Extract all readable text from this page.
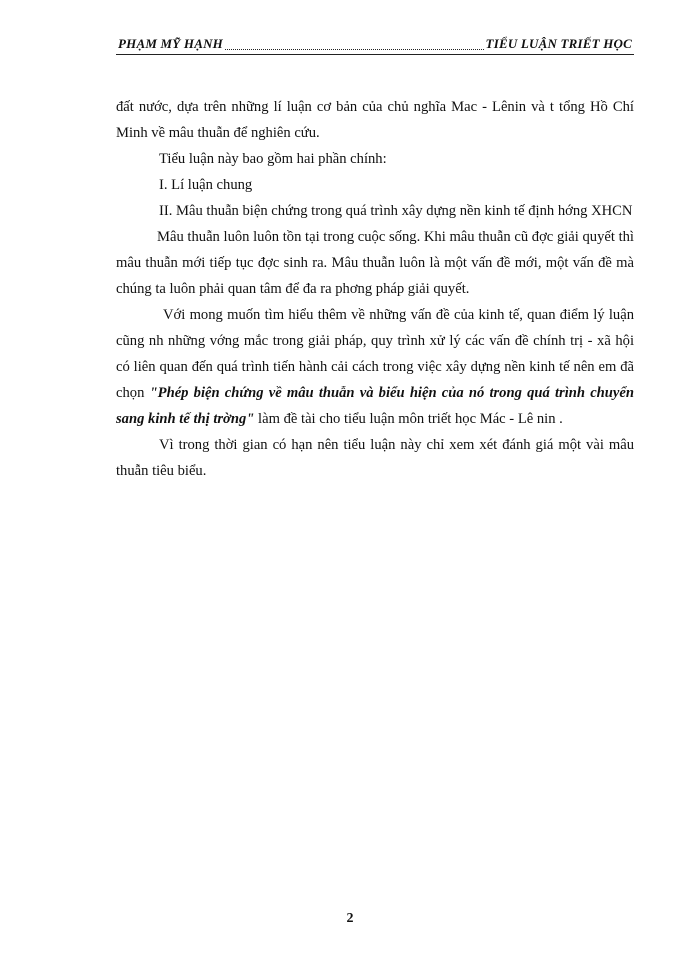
PHẠM MỸ HẠNH	TIỂU LUẬN TRIẾT HỌC

đất nước, dựa trên những lí luận cơ bản của chủ nghĩa Mac - Lênin và t tổng Hồ Chí Minh về mâu thuẫn để nghiên cứu.

Tiểu luận này bao gồm hai phần chính:

I. Lí luận chung

II. Mâu thuẫn biện chứng trong quá trình xây dựng nền kinh tế định hớng XHCN

Mâu thuẫn luôn luôn tồn tại trong cuộc sống. Khi mâu thuẫn cũ đợc giải quyết thì mâu thuẫn mới tiếp tục đợc sinh ra. Mâu thuẫn luôn là một vấn đề mới, một vấn đề mà chúng ta luôn phải quan tâm để đa ra phơng pháp giải quyết.

Với mong muốn tìm hiểu thêm về những vấn đề của kinh tế, quan điểm lý luận cũng nh những vớng mắc trong giải pháp, quy trình xử lý các vấn đề chính trị - xã hội có liên quan đến quá trình tiến hành cải cách trong việc xây dựng nền kinh tế nên em đã chọn "Phép biện chứng về mâu thuẫn và biểu hiện của nó trong quá trình chuyển sang kinh tế thị trờng" làm đề tài cho tiểu luận môn triết học Mác - Lê nin .

Vì trong thời gian có hạn nên tiểu luận này chỉ xem xét đánh giá một vài mâu thuẫn tiêu biểu.

2
